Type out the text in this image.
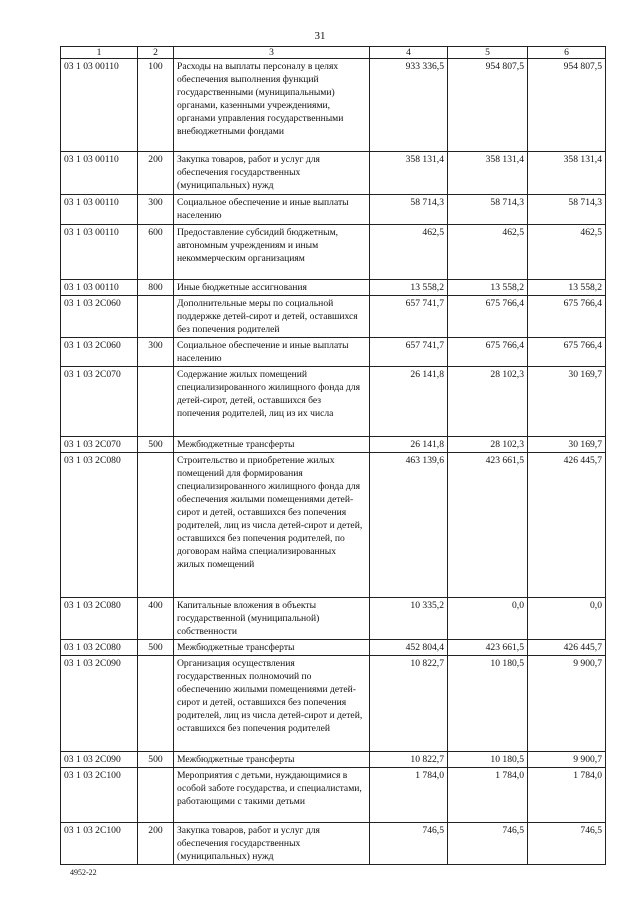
31
1	2	3	4	5	6
03 1 03 00110	100	Расходы на выплаты персоналу в целях обеспечения выполнения функций государственными (муниципальными) органами, казенными учреждениями, органами управления государственными внебюджетными фондами	933 336,5	954 807,5	954 807,5
03 1 03 00110	200	Закупка товаров, работ и услуг для обеспечения государственных (муниципальных) нужд	358 131,4	358 131,4	358 131,4
03 1 03 00110	300	Социальное обеспечение и иные выплаты населению	58 714,3	58 714,3	58 714,3
03 1 03 00110	600	Предоставление субсидий бюджетным, автономным учреждениям и иным некоммерческим организациям	462,5	462,5	462,5
03 1 03 00110	800	Иные бюджетные ассигнования	13 558,2	13 558,2	13 558,2
03 1 03 2С060		Дополнительные меры по социальной поддержке детей-сирот и детей, оставшихся без попечения родителей	657 741,7	675 766,4	675 766,4
03 1 03 2С060	300	Социальное обеспечение и иные выплаты населению	657 741,7	675 766,4	675 766,4
03 1 03 2С070		Содержание жилых помещений специализированного жилищного фонда для детей-сирот, детей, оставшихся без попечения родителей, лиц из их числа	26 141,8	28 102,3	30 169,7
03 1 03 2С070	500	Межбюджетные трансферты	26 141,8	28 102,3	30 169,7
03 1 03 2С080		Строительство и приобретение жилых помещений для формирования специализированного жилищного фонда для обеспечения жилыми помещениями детей-сирот и детей, оставшихся без попечения родителей, лиц из числа детей-сирот и детей, оставшихся без попечения родителей, по договорам найма специализированных жилых помещений	463 139,6	423 661,5	426 445,7
03 1 03 2С080	400	Капитальные вложения в объекты государственной (муниципальной) собственности	10 335,2	0,0	0,0
03 1 03 2С080	500	Межбюджетные трансферты	452 804,4	423 661,5	426 445,7
03 1 03 2С090		Организация осуществления государственных полномочий по обеспечению жилыми помещениями детей-сирот и детей, оставшихся без попечения родителей, лиц из числа детей-сирот и детей, оставшихся без попечения родителей	10 822,7	10 180,5	9 900,7
03 1 03 2С090	500	Межбюджетные трансферты	10 822,7	10 180,5	9 900,7
03 1 03 2С100		Мероприятия с детьми, нуждающимися в особой заботе государства, и специалистами, работающими с такими детьми	1 784,0	1 784,0	1 784,0
03 1 03 2С100	200	Закупка товаров, работ и услуг для обеспечения государственных (муниципальных) нужд	746,5	746,5	746,5
4952-22
